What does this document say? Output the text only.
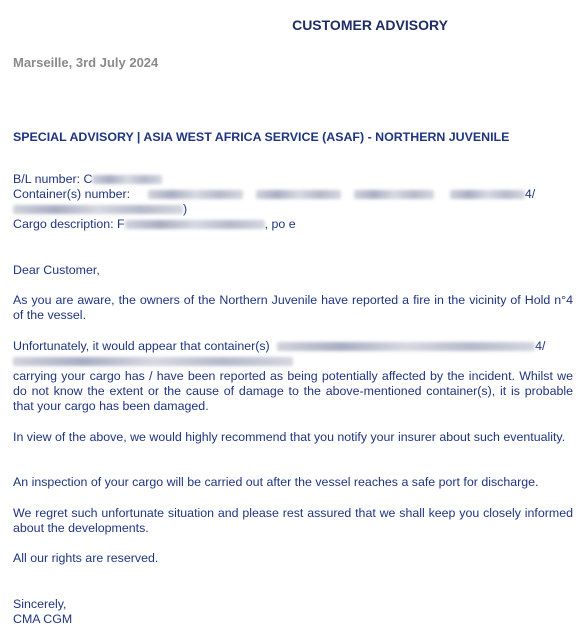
CUSTOMER ADVISORY
Marseille, 3rd July 2024
SPECIAL ADVISORY | ASIA WEST AFRICA SERVICE (ASAF) - NORTHERN JUVENILE
B/L number: C
Container(s) number:	4/
)
Cargo description: F	, po e
Dear Customer,
As you are aware, the owners of the Northern Juvenile have reported a fire in the vicinity of Hold n°4 of the vessel.
Unfortunately, it would appear that container(s)	4/
carrying your cargo has / have been reported as being potentially affected by the incident. Whilst we do not know the extent or the cause of damage to the above-mentioned container(s), it is probable that your cargo has been damaged.
In view of the above, we would highly recommend that you notify your insurer about such eventuality.
An inspection of your cargo will be carried out after the vessel reaches a safe port for discharge.
We regret such unfortunate situation and please rest assured that we shall keep you closely informed about the developments.
All our rights are reserved.
Sincerely,
CMA CGM
